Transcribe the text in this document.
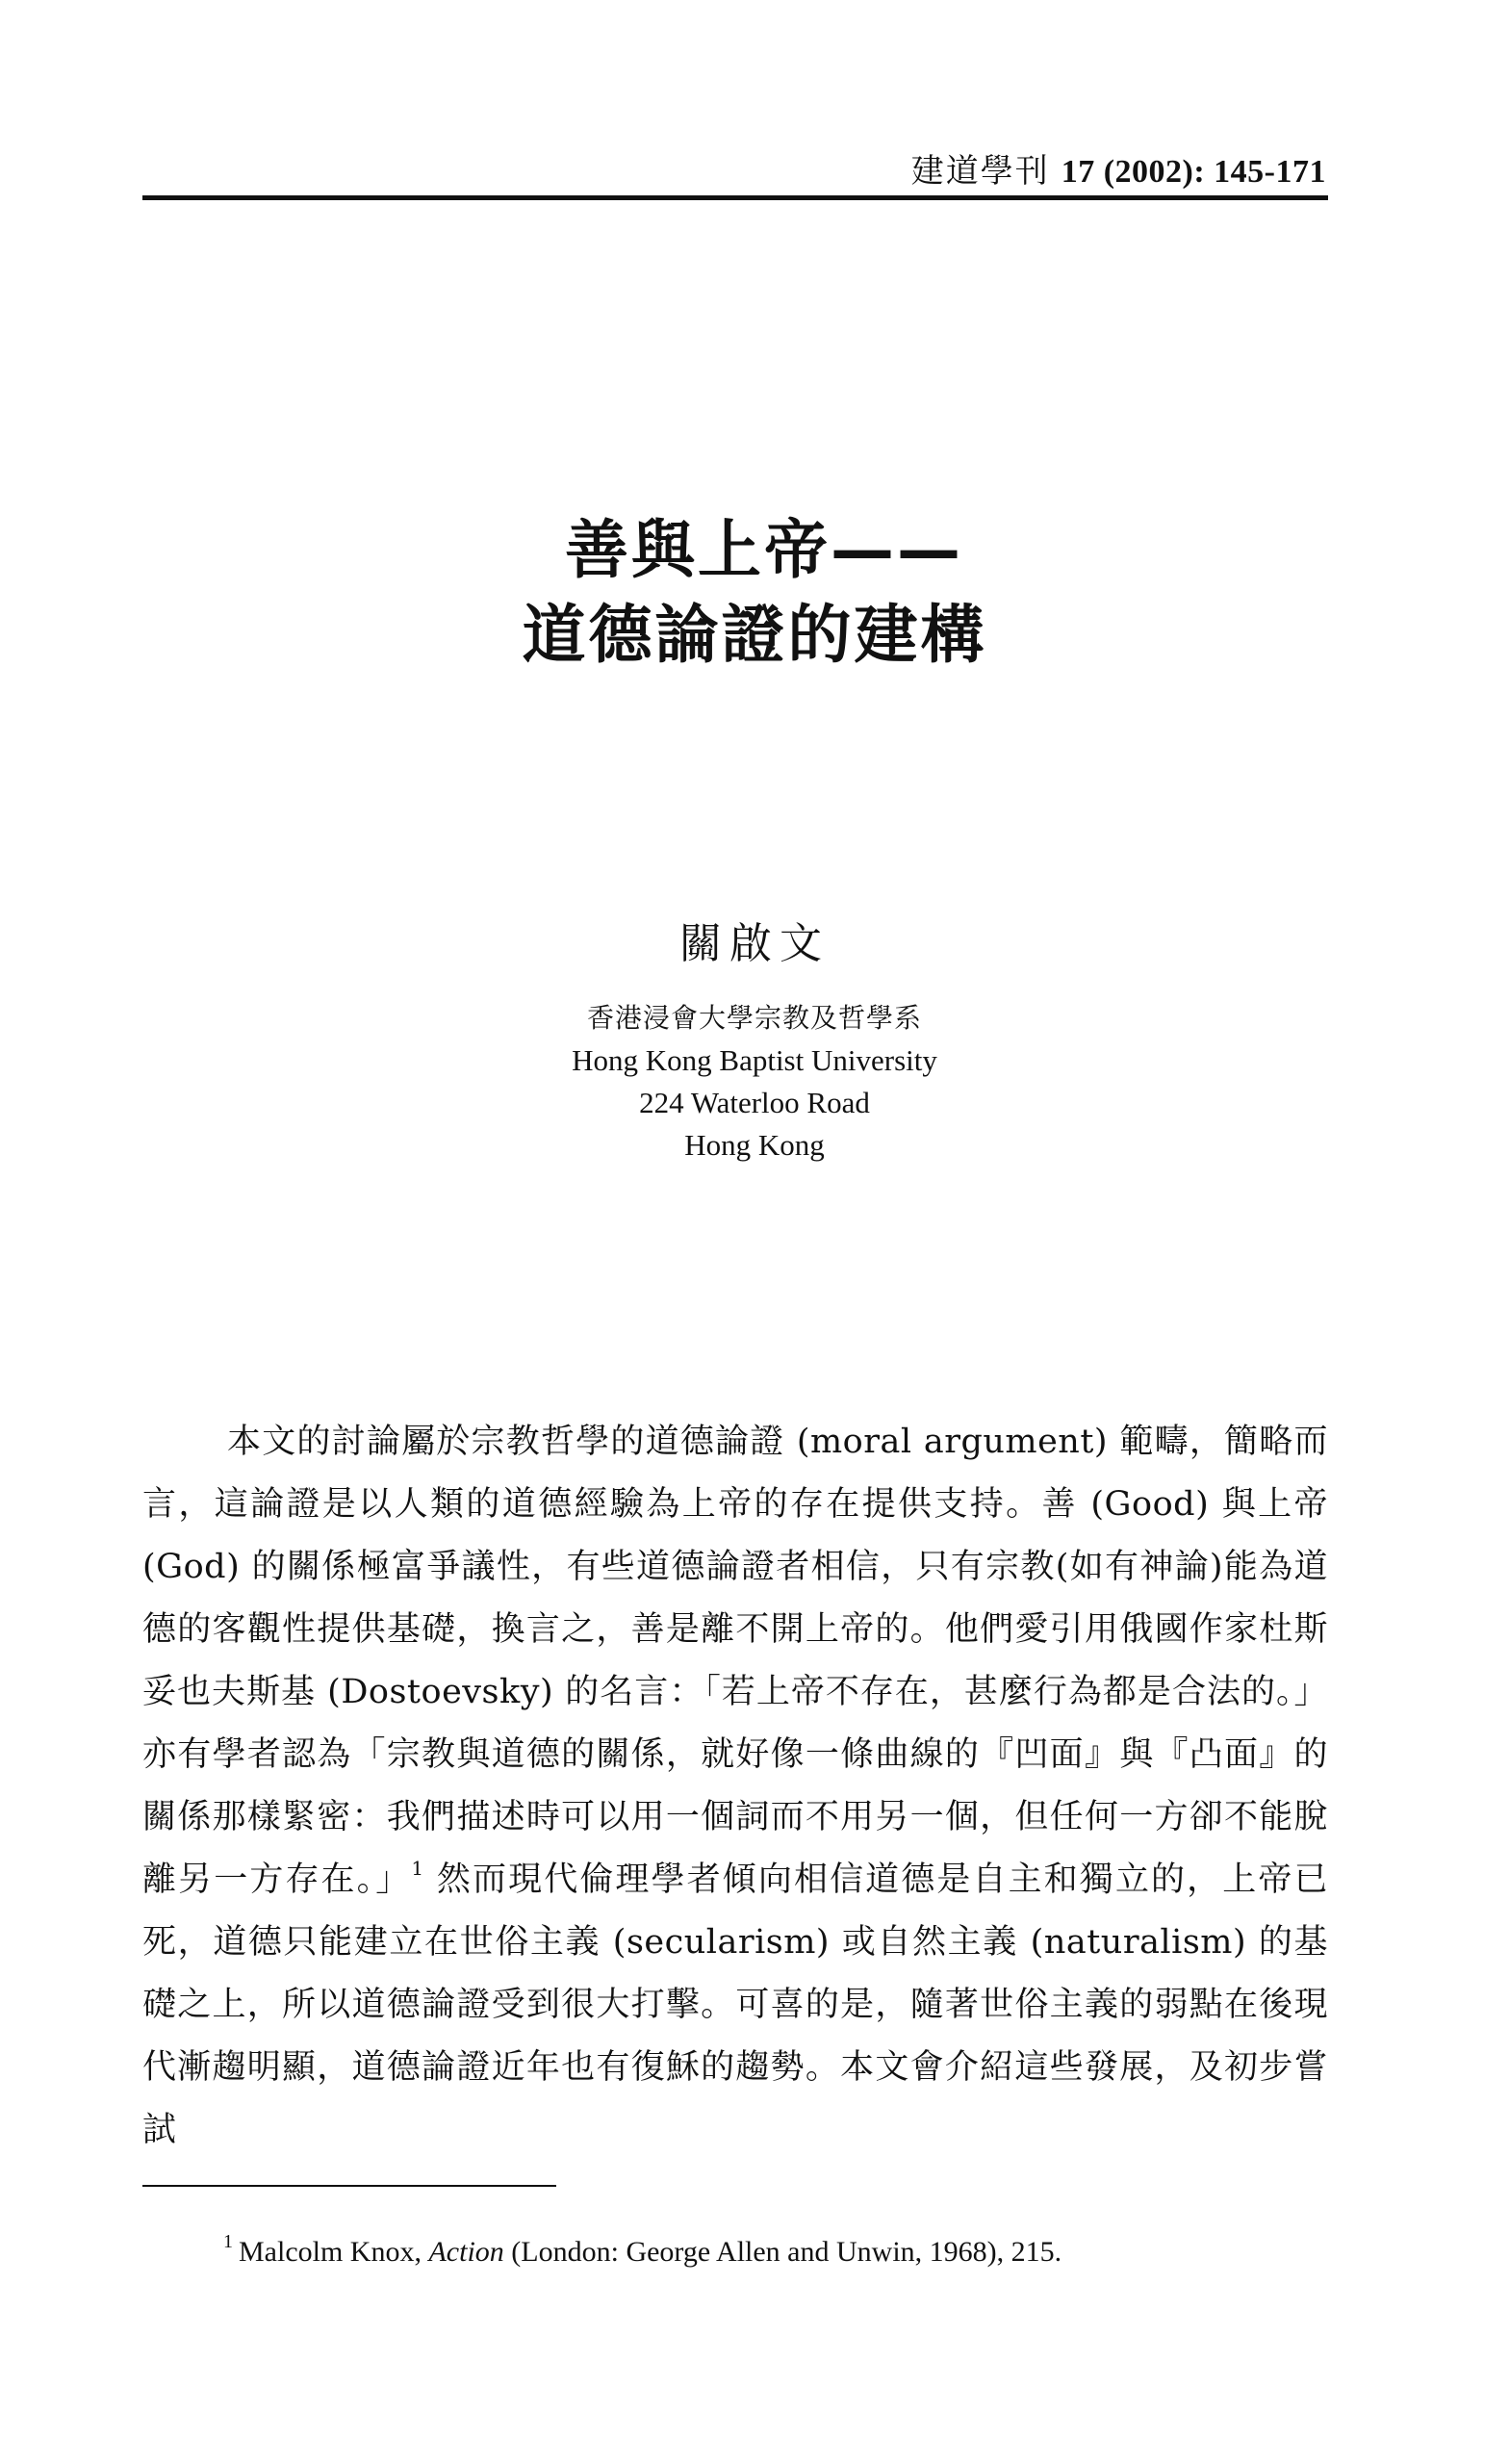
建道學刊 17 (2002): 145-171
善與上帝——
道德論證的建構
關啟文
香港浸會大學宗教及哲學系
Hong Kong Baptist University
224 Waterloo Road
Hong Kong
本文的討論屬於宗教哲學的道德論證 (moral argument) 範疇，簡略而言，這論證是以人類的道德經驗為上帝的存在提供支持。善 (Good) 與上帝 (God) 的關係極富爭議性，有些道德論證者相信，只有宗教(如有神論)能為道德的客觀性提供基礎，換言之，善是離不開上帝的。他們愛引用俄國作家杜斯妥也夫斯基 (Dostoevsky) 的名言：「若上帝不存在，甚麼行為都是合法的。」亦有學者認為「宗教與道德的關係，就好像一條曲線的『凹面』與『凸面』的關係那樣緊密：我們描述時可以用一個詞而不用另一個，但任何一方卻不能脫離另一方存在。」$^1$ 然而現代倫理學者傾向相信道德是自主和獨立的，上帝已死，道德只能建立在世俗主義 (secularism) 或自然主義 (naturalism) 的基礎之上，所以道德論證受到很大打擊。可喜的是，隨著世俗主義的弱點在後現代漸趨明顯，道德論證近年也有復穌的趨勢。本文會介紹這些發展，及初步嘗試
$^1$ Malcolm Knox, Action (London: George Allen and Unwin, 1968), 215.
